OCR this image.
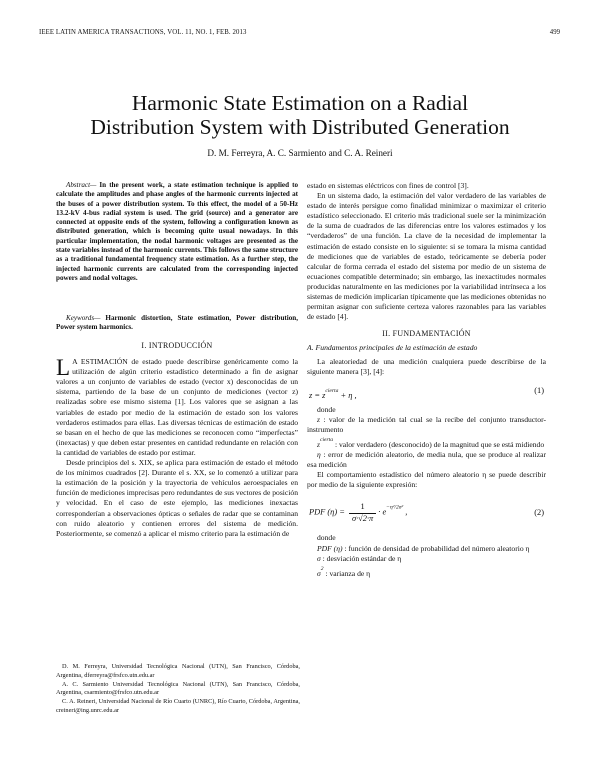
IEEE LATIN AMERICA TRANSACTIONS, VOL. 11, NO. 1, FEB. 2013	499
Harmonic State Estimation on a Radial
Distribution System with Distributed Generation
D. M. Ferreyra, A. C. Sarmiento and C. A. Reineri

Abstract— In the present work, a state estimation technique is applied to calculate the amplitudes and phase angles of the harmonic currents injected at the buses of a power distribution system. To this effect, the model of a 50-Hz 13.2-kV 4-bus radial system is used. The grid (source) and a generator are connected at opposite ends of the system, following a configuration known as distributed generation, which is becoming quite usual nowadays. In this particular implementation, the nodal harmonic voltages are presented as the state variables instead of the harmonic currents. This follows the same structure as a traditional fundamental frequency state estimation. As a further step, the injected harmonic currents are calculated from the corresponding injected powers and nodal voltages.

Keywords— Harmonic distortion, State estimation, Power distribution, Power system harmonics.

I. INTRODUCCIÓN

L A ESTIMACIÓN de estado puede describirse genéricamente como la utilización de algún criterio estadístico determinado a fin de asignar valores a un conjunto de variables de estado (vector x) desconocidas de un sistema, partiendo de la base de un conjunto de mediciones (vector z) realizadas sobre ese mismo sistema [1]. Los valores que se asignan a las variables de estado por medio de la estimación de estado son los valores verdaderos estimados para ellas. Las diversas técnicas de estimación de estado se basan en el hecho de que las mediciones se reconocen como “imperfectas” (inexactas) y que deben estar presentes en cantidad redundante en relación con la cantidad de variables de estado por estimar.

Desde principios del s. XIX, se aplica para estimación de estado el método de los mínimos cuadrados [2]. Durante el s. XX, se lo comenzó a utilizar para la estimación de la posición y la trayectoria de vehículos aeroespaciales en función de mediciones imprecisas pero redundantes de sus vectores de posición y velocidad. En el caso de este ejemplo, las mediciones inexactas corresponderían a observaciones ópticas o señales de radar que se contaminan con ruido aleatorio y contienen errores del sistema de medición. Posteriormente, se comenzó a aplicar el mismo criterio para la estimación de

D. M. Ferreyra, Universidad Tecnológica Nacional (UTN), San Francisco, Córdoba, Argentina, dferreyra@frsfco.utn.edu.ar

A. C. Sarmiento Universidad Tecnológica Nacional (UTN), San Francisco, Córdoba, Argentina, csarmiento@frsfco.utn.edu.ar

C. A. Reineri, Universidad Nacional de Río Cuarto (UNRC), Río Cuarto, Córdoba, Argentina, creineri@ing.unrc.edu.ar

estado en sistemas eléctricos con fines de control [3].

En un sistema dado, la estimación del valor verdadero de las variables de estado de interés persigue como finalidad minimizar o maximizar el criterio estadístico seleccionado. El criterio más tradicional suele ser la minimización de la suma de cuadrados de las diferencias entre los valores estimados y los “verdaderos” de una función. La clave de la necesidad de implementar la estimación de estado consiste en lo siguiente: si se tomara la misma cantidad de mediciones que de variables de estado, teóricamente se debería poder calcular de forma cerrada el estado del sistema por medio de un sistema de ecuaciones compatible determinado; sin embargo, las inexactitudes normales producidas naturalmente en las mediciones por la variabilidad intrínseca a los sistemas de medición implicarían típicamente que las mediciones obtenidas no permitan asignar con suficiente certeza valores razonables para las variables de estado [4].

II. FUNDAMENTACIÓN

A. Fundamentos principales de la estimación de estado

La aleatoriedad de una medición cualquiera puede describirse de la siguiente manera [3], [4]:

$z = z^{cierta} + \eta$ ,
(1)

donde

z : valor de la medición tal cual se la recibe del conjunto transductor-instrumento

$z^{cierta}$ : valor verdadero (desconocido) de la magnitud que se está midiendo

η : error de medición aleatorio, de media nula, que se produce al realizar esa medición

El comportamiento estadístico del número aleatorio η se puede describir por medio de la siguiente expresión:

PDF $(\eta) = \frac{1}{\sigma\cdot√2\cdot\pi} \cdot e^{-\eta^2/2\sigma^2}$ ,	(2)

donde

PDF (η) : función de densidad de probabilidad del número aleatorio η

σ : desviación estándar de η

$\sigma^2$ : varianza de η
